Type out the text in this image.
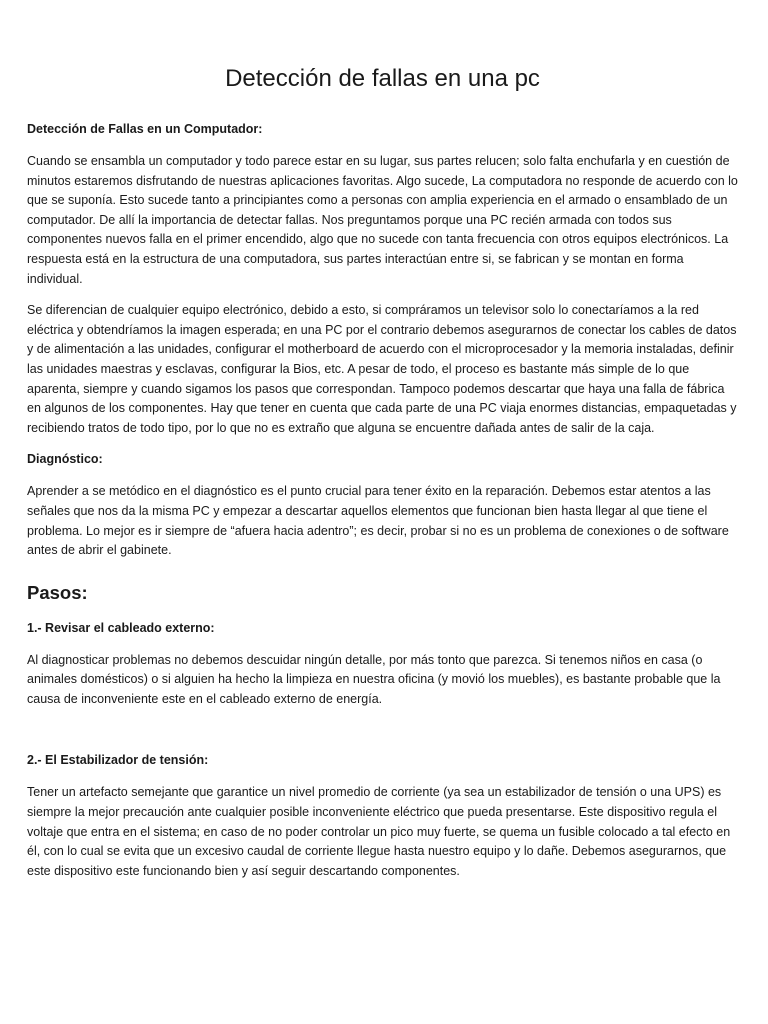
Detección de fallas en una pc
Detección de Fallas en un Computador:

Cuando se ensambla un computador y todo parece estar en su lugar, sus partes relucen; solo falta enchufarla y en cuestión de minutos estaremos disfrutando de nuestras aplicaciones favoritas. Algo sucede, La computadora no responde de acuerdo con lo que se suponía. Esto sucede tanto a principiantes como a personas con amplia experiencia en el armado o ensamblado de un computador. De allí la importancia de detectar fallas. Nos preguntamos porque una PC recién armada con todos sus componentes nuevos falla en el primer encendido, algo que no sucede con tanta frecuencia con otros equipos electrónicos. La respuesta está en la estructura de una computadora, sus partes interactúan entre si, se fabrican y se montan en forma individual.

Se diferencian de cualquier equipo electrónico, debido a esto, si compráramos un televisor solo lo conectaríamos a la red eléctrica y obtendríamos la imagen esperada; en una PC por el contrario debemos asegurarnos de conectar los cables de datos y de alimentación a las unidades, configurar el motherboard de acuerdo con el microprocesador y la memoria instaladas, definir las unidades maestras y esclavas, configurar la Bios, etc. A pesar de todo, el proceso es bastante más simple de lo que aparenta, siempre y cuando sigamos los pasos que correspondan. Tampoco podemos descartar que haya una falla de fábrica en algunos de los componentes. Hay que tener en cuenta que cada parte de una PC viaja enormes distancias, empaquetadas y recibiendo tratos de todo tipo, por lo que no es extraño que alguna se encuentre dañada antes de salir de la caja.

Diagnóstico:

Aprender a se metódico en el diagnóstico es el punto crucial para tener éxito en la reparación. Debemos estar atentos a las señales que nos da la misma PC y empezar a descartar aquellos elementos que funcionan bien hasta llegar al que tiene el problema. Lo mejor es ir siempre de “afuera hacia adentro”; es decir, probar si no es un problema de conexiones o de software antes de abrir el gabinete.

Pasos:
1.- Revisar el cableado externo:

Al diagnosticar problemas no debemos descuidar ningún detalle, por más tonto que parezca. Si tenemos niños en casa (o animales domésticos) o si alguien ha hecho la limpieza en nuestra oficina (y movió los muebles), es bastante probable que la causa de inconveniente este en el cableado externo de energía.

2.- El Estabilizador de tensión:

Tener un artefacto semejante que garantice un nivel promedio de corriente (ya sea un estabilizador de tensión o una UPS) es siempre la mejor precaución ante cualquier posible inconveniente eléctrico que pueda presentarse. Este dispositivo regula el voltaje que entra en el sistema; en caso de no poder controlar un pico muy fuerte, se quema un fusible colocado a tal efecto en él, con lo cual se evita que un excesivo caudal de corriente llegue hasta nuestro equipo y lo dañe. Debemos asegurarnos, que este dispositivo este funcionando bien y así seguir descartando componentes.
